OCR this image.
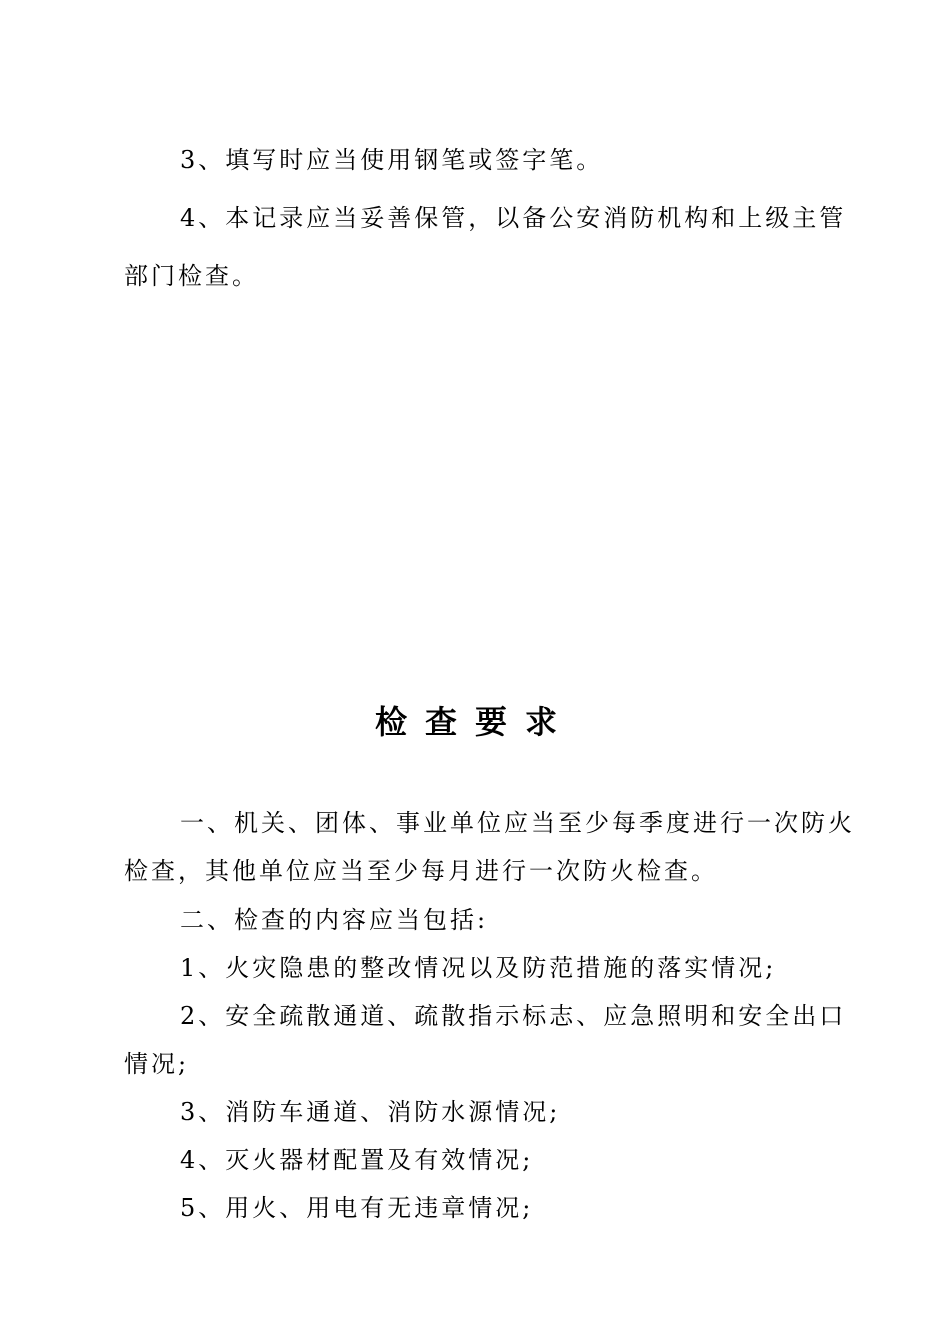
3、填写时应当使用钢笔或签字笔。

4、本记录应当妥善保管，以备公安消防机构和上级主管

部门检查。

检查要求

一、机关、团体、事业单位应当至少每季度进行一次防火

检查，其他单位应当至少每月进行一次防火检查。

二、检查的内容应当包括:

1、火灾隐患的整改情况以及防范措施的落实情况;

2、安全疏散通道、疏散指示标志、应急照明和安全出口

情况;

3、消防车通道、消防水源情况;

4、灭火器材配置及有效情况;

5、用火、用电有无违章情况;
